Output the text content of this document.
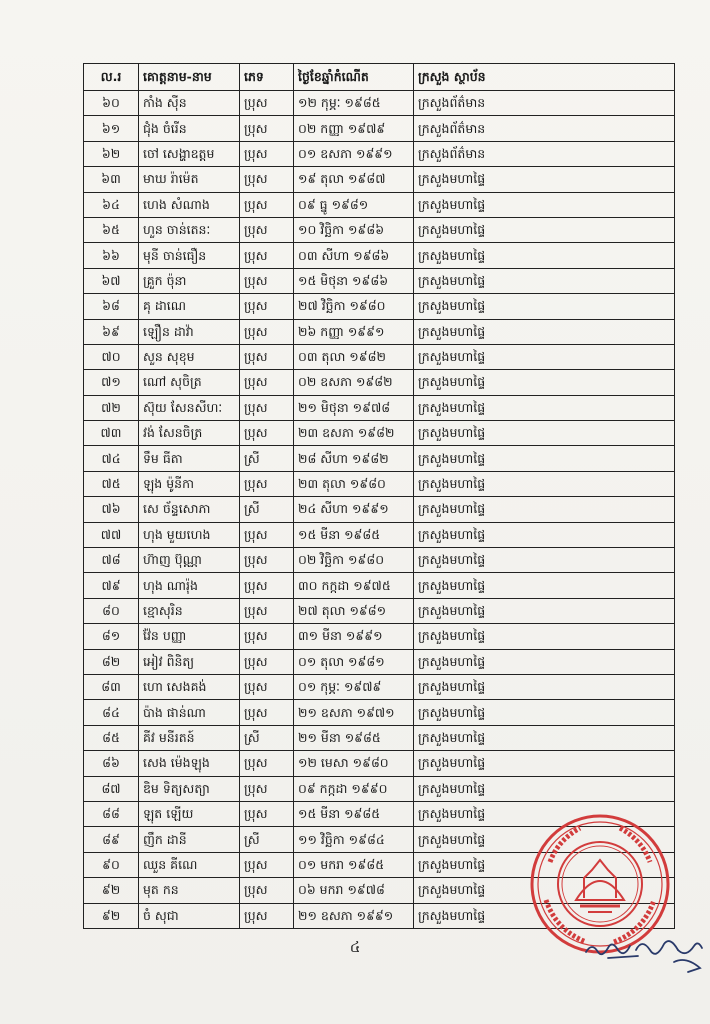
ល.រ	គោត្តនាម-នាម	ភេទ	ថ្ងៃខែឆ្នាំកំណើត	ក្រសួង ស្ថាប័ន
៦០	កាំង ស៊ីន	ប្រុស	១២ កុម្ភៈ ១៩៨៥	ក្រសួងព័ត៌មាន
៦១	ជុំង ចំរើន	ប្រុស	០២ កញ្ញា ១៩៧៩	ក្រសួងព័ត៌មាន
៦២	ចៅ សេង្ហាឧត្តម	ប្រុស	០១ ឧសភា ១៩៩១	ក្រសួងព័ត៌មាន
៦៣	មាឃ រ៉ាម៉េត	ប្រុស	១៩ តុលា ១៩៨៧	ក្រសួងមហាផ្ទៃ
៦៤	ហេង សំណាង	ប្រុស	០៩ ធ្នូ ១៩៨១	ក្រសួងមហាផ្ទៃ
៦៥	ហួន ចាន់តេនៈ	ប្រុស	១០ វិច្ឆិកា ១៩៨៦	ក្រសួងមហាផ្ទៃ
៦៦	មុនី ចាន់ធឿន	ប្រុស	០៣ សីហា ១៩៨៦	ក្រសួងមហាផ្ទៃ
៦៧	គ្រួក ច៉ុនា	ប្រុស	១៥ មិថុនា ១៩៨៦	ក្រសួងមហាផ្ទៃ
៦៨	គុ ដាណេ	ប្រុស	២៧ វិច្ឆិកា ១៩៨០	ក្រសួងមហាផ្ទៃ
៦៩	ឡឿន ដាវ៉ា	ប្រុស	២៦ កញ្ញា ១៩៩១	ក្រសួងមហាផ្ទៃ
៧០	សួន សុខុម	ប្រុស	០៣ តុលា ១៩៨២	ក្រសួងមហាផ្ទៃ
៧១	ណៅ សុចិត្រ	ប្រុស	០២ ឧសភា ១៩៨២	ក្រសួងមហាផ្ទៃ
៧២	ស៊ុយ សែនសីហៈ	ប្រុស	២១ មិថុនា ១៩៧៨	ក្រសួងមហាផ្ទៃ
៧៣	វង់ សែនចិត្រ	ប្រុស	២៣ ឧសភា ១៩៨២	ក្រសួងមហាផ្ទៃ
៧៤	ទឹម ធីតា	ស្រី	២៨ សីហា ១៩៨២	ក្រសួងមហាផ្ទៃ
៧៥	ឡុង ម៉ូនីកា	ប្រុស	២៣ តុលា ១៩៨០	ក្រសួងមហាផ្ទៃ
៧៦	សេ ច័ន្ទសោភា	ស្រី	២៤ សីហា ១៩៩១	ក្រសួងមហាផ្ទៃ
៧៧	ហុង មួយហេង	ប្រុស	១៥ មីនា ១៩៨៥	ក្រសួងមហាផ្ទៃ
៧៨	ហ៊ាញ ប៊ុណ្ណា	ប្រុស	០២ វិច្ឆិកា ១៩៨០	ក្រសួងមហាផ្ទៃ
៧៩	ហុង ណារ៉ុង	ប្រុស	៣០ កក្កដា ១៩៧៥	ក្រសួងមហាផ្ទៃ
៨០	ខ្មោសុរិន	ប្រុស	២៧ តុលា ១៩៨១	ក្រសួងមហាផ្ទៃ
៨១	វ៉ែន បញ្ញា	ប្រុស	៣១ មីនា ១៩៩១	ក្រសួងមហាផ្ទៃ
៨២	អៀវ ពិនិត្យ	ប្រុស	០១ តុលា ១៩៨១	ក្រសួងមហាផ្ទៃ
៨៣	ហោ សេងគង់	ប្រុស	០១ កុម្ភៈ ១៩៧៩	ក្រសួងមហាផ្ទៃ
៨៤	ប៉ាង ផាន់ណា	ប្រុស	២១ ឧសភា ១៩៧១	ក្រសួងមហាផ្ទៃ
៨៥	គីវ មនីរតន៍	ស្រី	២១ មីនា ១៩៨៥	ក្រសួងមហាផ្ទៃ
៨៦	សេង ម៉េងឡុង	ប្រុស	១២ មេសា ១៩៨០	ក្រសួងមហាផ្ទៃ
៨៧	ឌិម ទិត្យសត្យា	ប្រុស	០៩ កក្កដា ១៩៩០	ក្រសួងមហាផ្ទៃ
៨៨	ឡុត ឡើយ	ប្រុស	១៥ មីនា ១៩៨៥	ក្រសួងមហាផ្ទៃ
៨៩	ញឹក ដានី	ស្រី	១១ វិច្ឆិកា ១៩៨៤	ក្រសួងមហាផ្ទៃ
៩០	ឈួន គីណេ	ប្រុស	០១ មករា ១៩៨៥	ក្រសួងមហាផ្ទៃ
៩២	មុត កន	ប្រុស	០៦ មករា ១៩៧៨	ក្រសួងមហាផ្ទៃ
៩២	ចំ សុជា	ប្រុស	២១ ឧសភា ១៩៩១	ក្រសួងមហាផ្ទៃ
៤
